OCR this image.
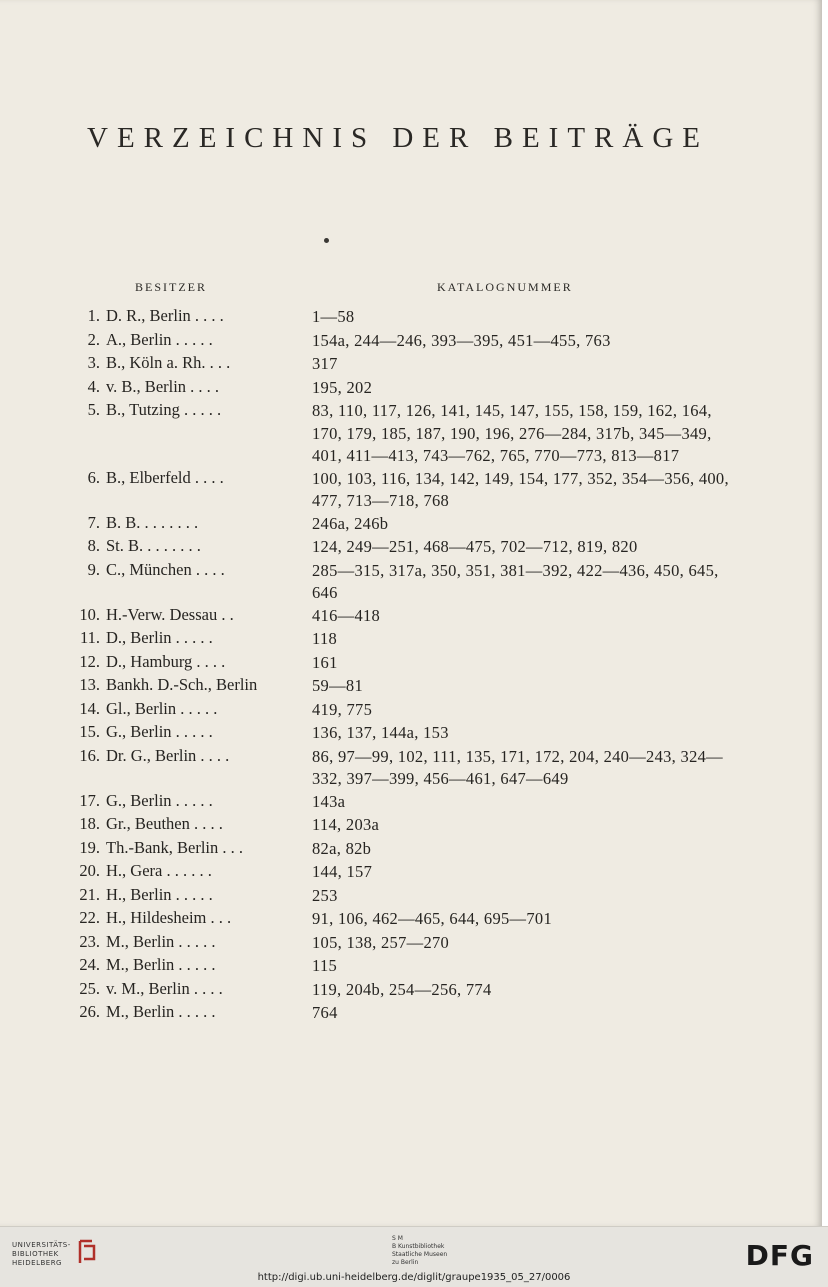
VERZEICHNIS DER BEITRÄGE
BESITZER	KATALOGNUMMER
1. D. R., Berlin . . . .	1—58
2. A., Berlin . . . . .	154a, 244—246, 393—395, 451—455, 763
3. B., Köln a. Rh. . . .	317
4. v. B., Berlin . . . .	195, 202
5. B., Tutzing . . . . .	83, 110, 117, 126, 141, 145, 147, 155, 158, 159, 162, 164, 170, 179, 185, 187, 190, 196, 276—284, 317b, 345—349, 401, 411—413, 743—762, 765, 770—773, 813—817
6. B., Elberfeld . . . .	100, 103, 116, 134, 142, 149, 154, 177, 352, 354—356, 400, 477, 713—718, 768
7. B. B. . . . . . . .	246a, 246b
8. St. B. . . . . . . .	124, 249—251, 468—475, 702—712, 819, 820
9. C., München . . . .	285—315, 317a, 350, 351, 381—392, 422—436, 450, 645, 646
10. H.-Verw. Dessau . .	416—418
11. D., Berlin . . . . .	118
12. D., Hamburg . . . .	161
13. Bankh. D.-Sch., Berlin	59—81
14. Gl., Berlin . . . . .	419, 775
15. G., Berlin . . . . .	136, 137, 144a, 153
16. Dr. G., Berlin . . . .	86, 97—99, 102, 111, 135, 171, 172, 204, 240—243, 324—332, 397—399, 456—461, 647—649
17. G., Berlin . . . . .	143a
18. Gr., Beuthen . . . .	114, 203a
19. Th.-Bank, Berlin . . .	82a, 82b
20. H., Gera . . . . . .	144, 157
21. H., Berlin . . . . .	253
22. H., Hildesheim . . .	91, 106, 462—465, 644, 695—701
23. M., Berlin . . . . .	105, 138, 257—270
24. M., Berlin . . . . .	115
25. v. M., Berlin . . . .	119, 204b, 254—256, 774
26. M., Berlin . . . . .	764
UNIVERSITÄTS-
BIBLIOTHEK
HEIDELBERG
S M
B Kunstbibliothek
Staatliche Museen
zu Berlin	DFG
http://digi.ub.uni-heidelberg.de/diglit/graupe1935_05_27/0006
